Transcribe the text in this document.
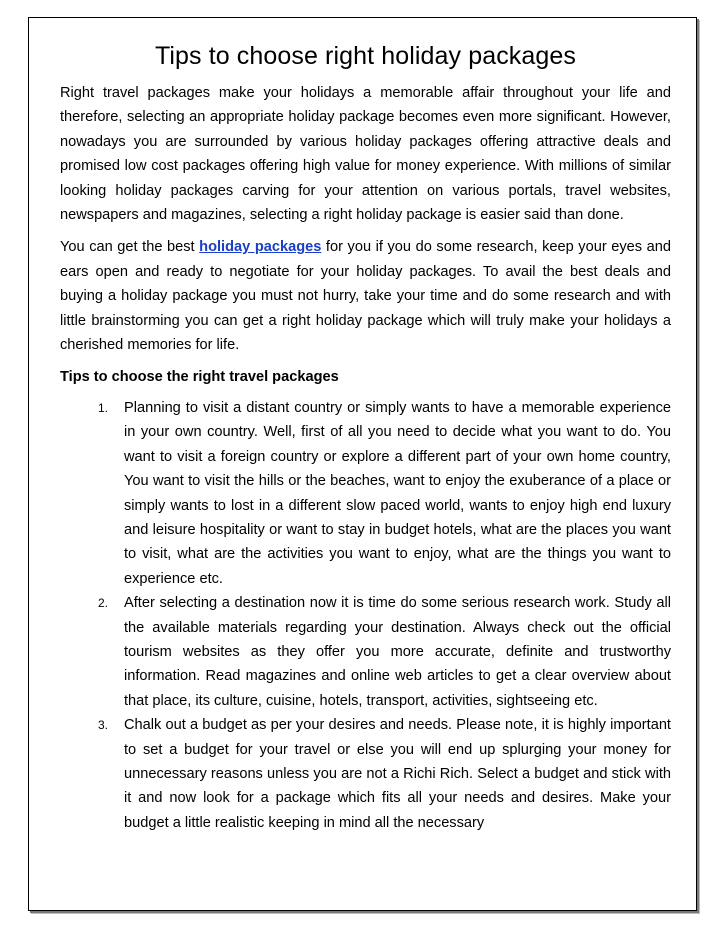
Tips to choose right holiday packages

Right travel packages make your holidays a memorable affair throughout your life and therefore, selecting an appropriate holiday package becomes even more significant. However, nowadays you are surrounded by various holiday packages offering attractive deals and promised low cost packages offering high value for money experience. With millions of similar looking holiday packages carving for your attention on various portals, travel websites, newspapers and magazines, selecting a right holiday package is easier said than done.

You can get the best holiday packages for you if you do some research, keep your eyes and ears open and ready to negotiate for your holiday packages. To avail the best deals and buying a holiday package you must not hurry, take your time and do some research and with little brainstorming you can get a right holiday package which will truly make your holidays a cherished memories for life.

Tips to choose the right travel packages
1. Planning to visit a distant country or simply wants to have a memorable experience in your own country. Well, first of all you need to decide what you want to do. You want to visit a foreign country or explore a different part of your own home country, You want to visit the hills or the beaches, want to enjoy the exuberance of a place or simply wants to lost in a different slow paced world, wants to enjoy high end luxury and leisure hospitality or want to stay in budget hotels, what are the places you want to visit, what are the activities you want to enjoy, what are the things you want to experience etc.
2. After selecting a destination now it is time do some serious research work. Study all the available materials regarding your destination. Always check out the official tourism websites as they offer you more accurate, definite and trustworthy information. Read magazines and online web articles to get a clear overview about that place, its culture, cuisine, hotels, transport, activities, sightseeing etc.
3. Chalk out a budget as per your desires and needs. Please note, it is highly important to set a budget for your travel or else you will end up splurging your money for unnecessary reasons unless you are not a Richi Rich. Select a budget and stick with it and now look for a package which fits all your needs and desires. Make your budget a little realistic keeping in mind all the necessary
